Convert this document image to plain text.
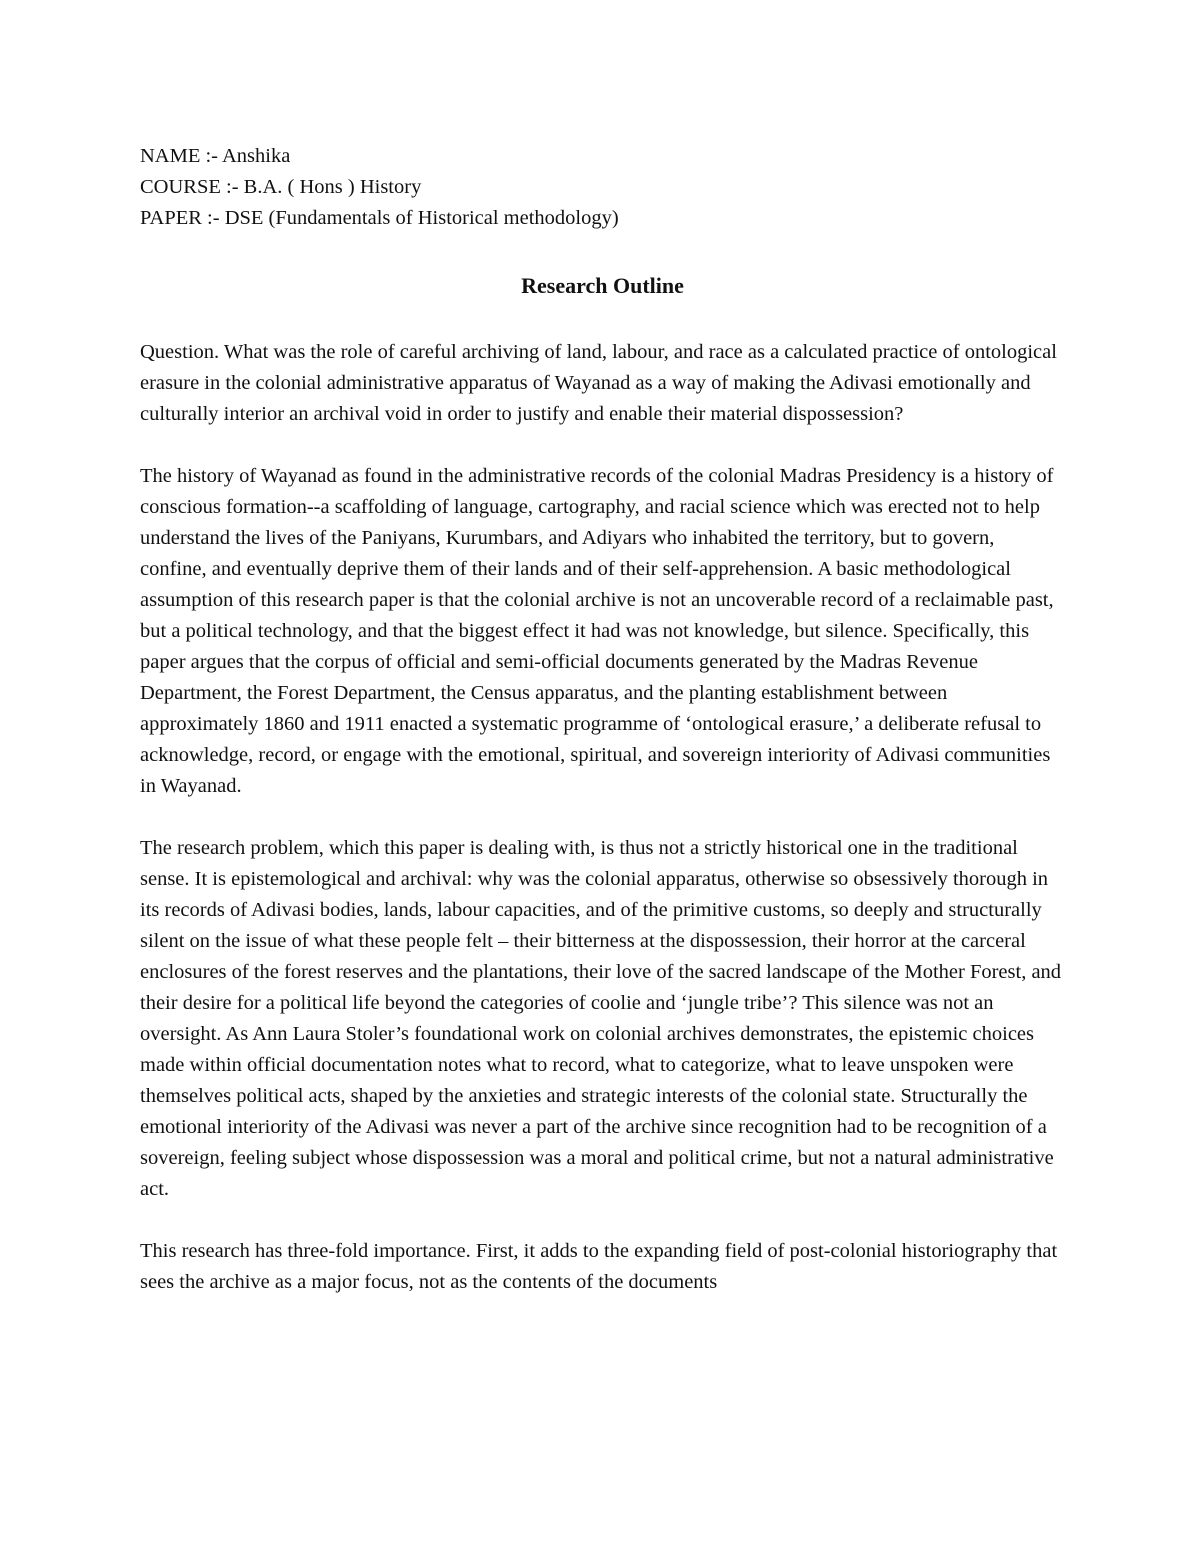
NAME :- Anshika

COURSE :- B.A. ( Hons ) History

PAPER :- DSE (Fundamentals of Historical methodology)

Research Outline

Question. What was the role of careful archiving of land, labour, and race as a calculated practice of ontological erasure in the colonial administrative apparatus of Wayanad as a way of making the Adivasi emotionally and culturally interior an archival void in order to justify and enable their material dispossession?

The history of Wayanad as found in the administrative records of the colonial Madras Presidency is a history of conscious formation--a scaffolding of language, cartography, and racial science which was erected not to help understand the lives of the Paniyans, Kurumbars, and Adiyars who inhabited the territory, but to govern, confine, and eventually deprive them of their lands and of their self-apprehension. A basic methodological assumption of this research paper is that the colonial archive is not an uncoverable record of a reclaimable past, but a political technology, and that the biggest effect it had was not knowledge, but silence. Specifically, this paper argues that the corpus of official and semi-official documents generated by the Madras Revenue Department, the Forest Department, the Census apparatus, and the planting establishment between approximately 1860 and 1911 enacted a systematic programme of ‘ontological erasure,’ a deliberate refusal to acknowledge, record, or engage with the emotional, spiritual, and sovereign interiority of Adivasi communities in Wayanad.

The research problem, which this paper is dealing with, is thus not a strictly historical one in the traditional sense. It is epistemological and archival: why was the colonial apparatus, otherwise so obsessively thorough in its records of Adivasi bodies, lands, labour capacities, and of the primitive customs, so deeply and structurally silent on the issue of what these people felt – their bitterness at the dispossession, their horror at the carceral enclosures of the forest reserves and the plantations, their love of the sacred landscape of the Mother Forest, and their desire for a political life beyond the categories of coolie and ‘jungle tribe’? This silence was not an oversight. As Ann Laura Stoler’s foundational work on colonial archives demonstrates, the epistemic choices made within official documentation notes what to record, what to categorize, what to leave unspoken were themselves political acts, shaped by the anxieties and strategic interests of the colonial state. Structurally the emotional interiority of the Adivasi was never a part of the archive since recognition had to be recognition of a sovereign, feeling subject whose dispossession was a moral and political crime, but not a natural administrative act.

This research has three-fold importance. First, it adds to the expanding field of post-colonial historiography that sees the archive as a major focus, not as the contents of the documents
